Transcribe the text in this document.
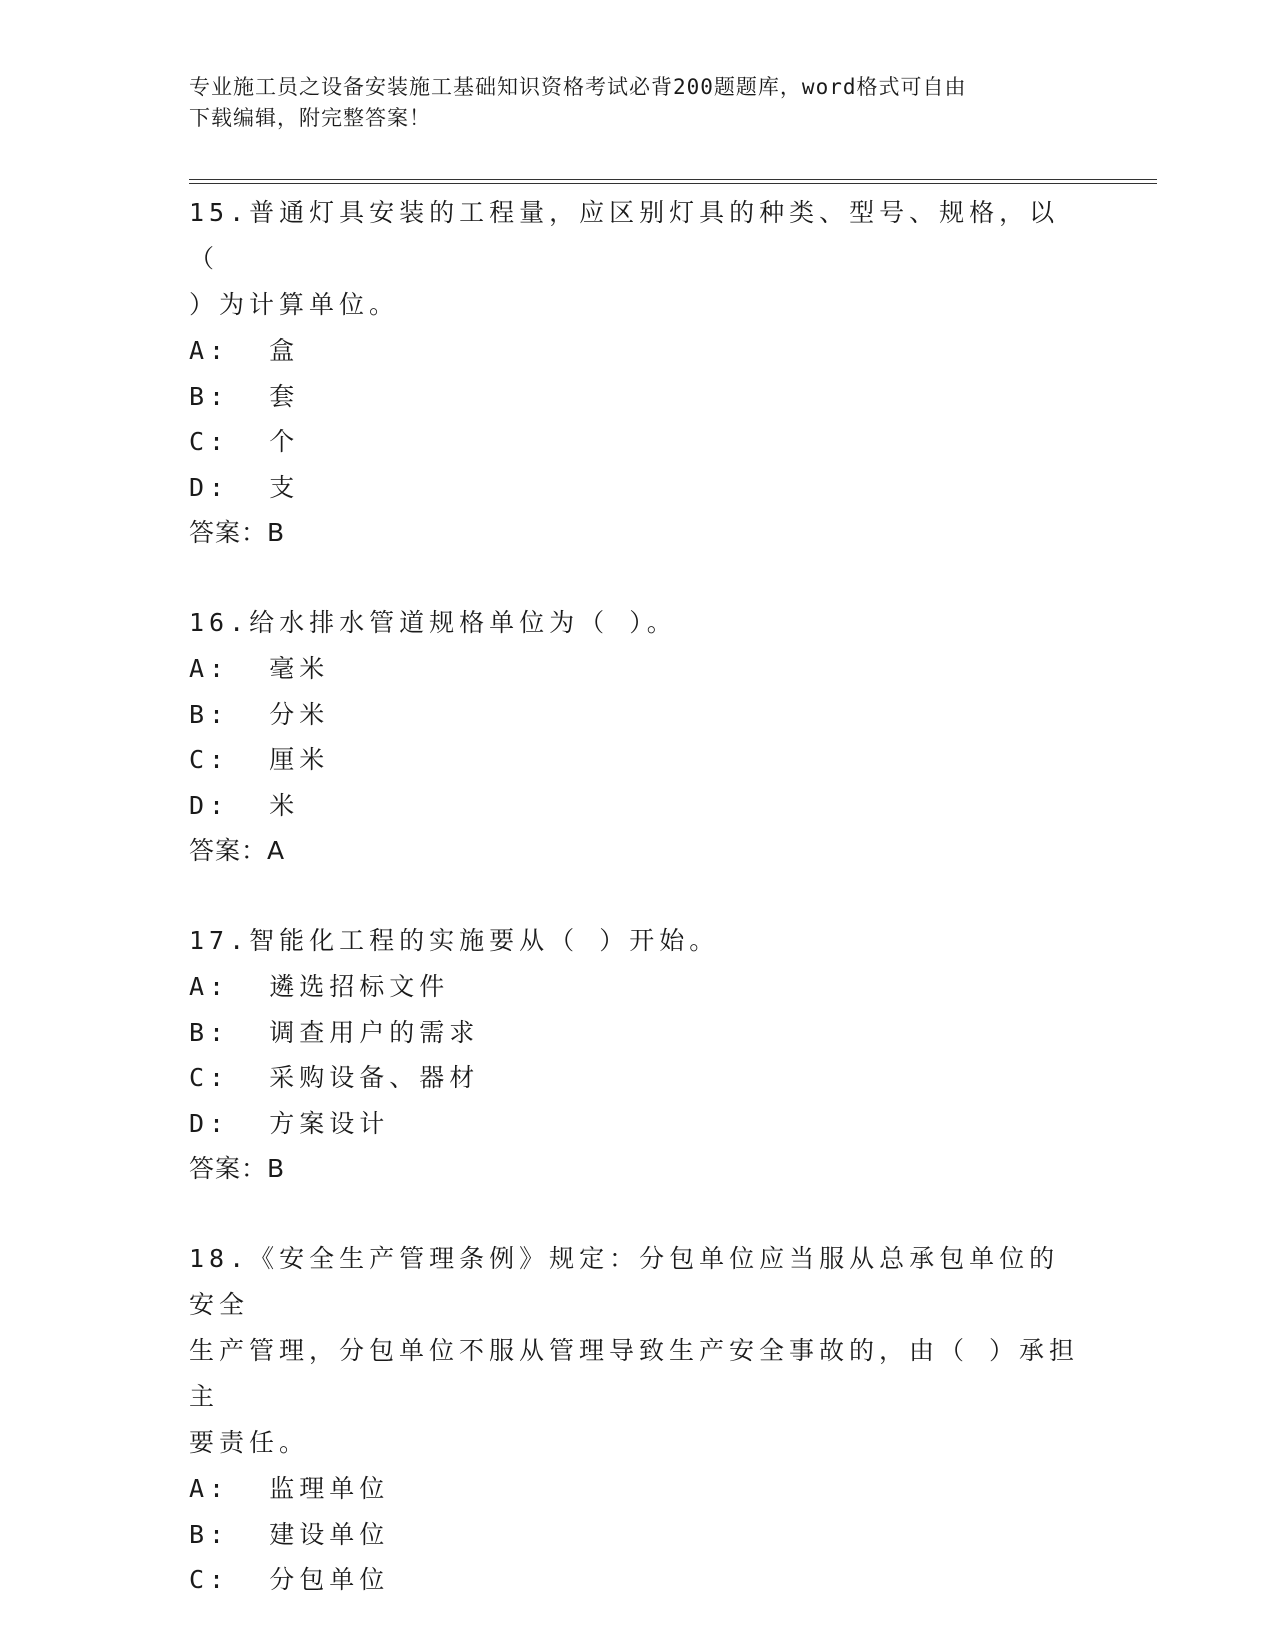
专业施工员之设备安装施工基础知识资格考试必背200题题库，word格式可自由
下载编辑，附完整答案！
15.普通灯具安装的工程量，应区别灯具的种类、型号、规格，以（
）为计算单位。
A:  盒
B:  套
C:  个
D:  支
答案：B
16.给水排水管道规格单位为（ ）。
A:  毫米
B:  分米
C:  厘米
D:  米
答案：A
17.智能化工程的实施要从（ ）开始。
A:  遴选招标文件
B:  调查用户的需求
C:  采购设备、器材
D:  方案设计
答案：B
18.《安全生产管理条例》规定：分包单位应当服从总承包单位的安全
生产管理，分包单位不服从管理导致生产安全事故的，由（ ）承担主
要责任。
A:  监理单位
B:  建设单位
C:  分包单位
